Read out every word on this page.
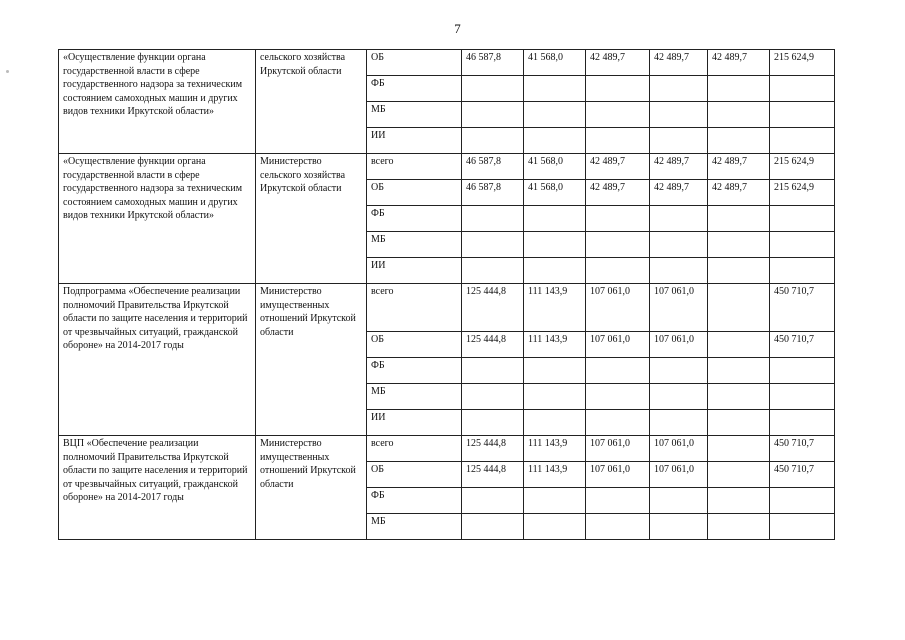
7
«Осуществление функции органа государственной власти в сфере государственного надзора за техническим состоянием самоходных машин и других видов техники Иркутской области»	сельского хозяйства Иркутской области	ОБ	46 587,8	41 568,0	42 489,7	42 489,7	42 489,7	215 624,9
		ФБ						
		МБ						
		ИИ						
«Осуществление функции органа государственной власти в сфере государственного надзора за техническим состоянием самоходных машин и других видов техники Иркутской области»	Министерство сельского хозяйства Иркутской области	всего	46 587,8	41 568,0	42 489,7	42 489,7	42 489,7	215 624,9
		ОБ	46 587,8	41 568,0	42 489,7	42 489,7	42 489,7	215 624,9
		ФБ						
		МБ						
		ИИ						
Подпрограмма «Обеспечение реализации полномочий Правительства Иркутской области по защите населения и территорий от чрезвычайных ситуаций, гражданской обороне» на 2014-2017 годы	Министерство имущественных отношений Иркутской области	всего	125 444,8	111 143,9	107 061,0	107 061,0		450 710,7
		ОБ	125 444,8	111 143,9	107 061,0	107 061,0		450 710,7
		ФБ						
		МБ						
		ИИ						
ВЦП «Обеспечение реализации полномочий Правительства Иркутской области по защите населения и территорий от чрезвычайных ситуаций, гражданской обороне» на 2014-2017 годы	Министерство имущественных отношений Иркутской области	всего	125 444,8	111 143,9	107 061,0	107 061,0		450 710,7
		ОБ	125 444,8	111 143,9	107 061,0	107 061,0		450 710,7
		ФБ						
		МБ						
